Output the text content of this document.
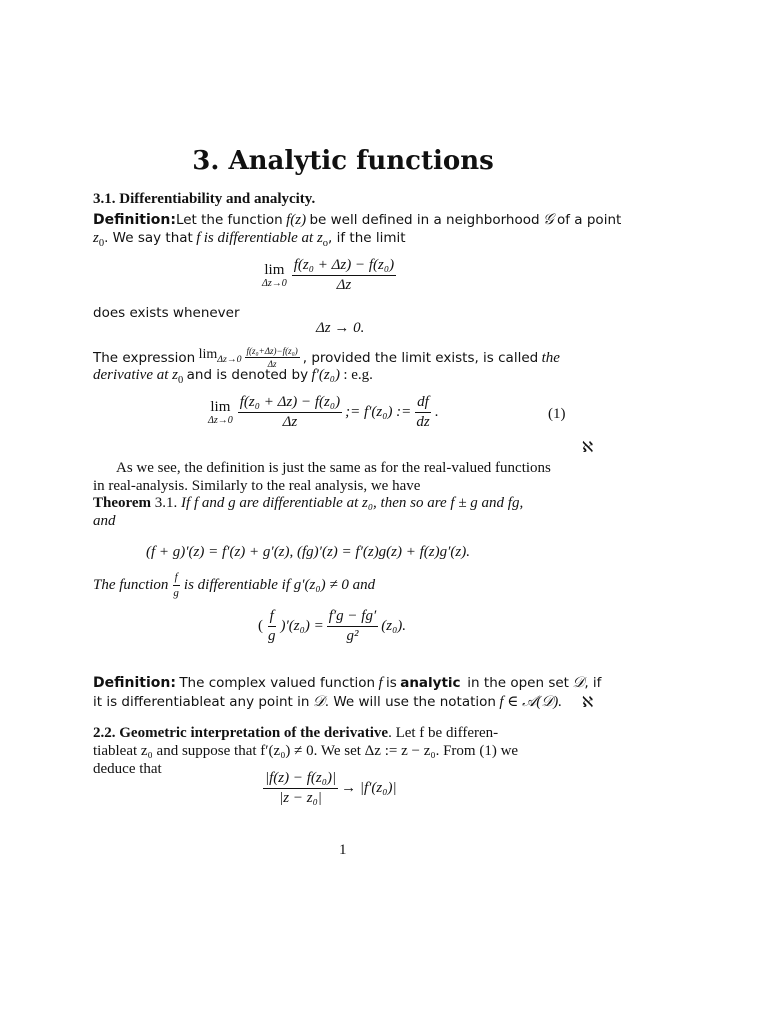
3. Analytic functions
3.1. Differentiability and analycity.
Definition:Let the function f(z) be well defined in a neighborhood 𝒢 of a point
$z_0$. We say that f is differentiable at $z_o$, if the limit
lim
$\Delta z\to 0 \frac{\text{f(z₀ + Δz) − f(z₀)}}{\Delta z}$
does exists whenever
Δz → 0.
The expression
$\lim_{\Delta z\to 0} \frac{\text{f(z₀+Δz)−f(z₀)}}{\Delta z}$ , provided the limit exists, is called
the
derivative at $z_0$ and is denoted by f′(z₀) : e.g.
lim
$\Delta z\to 0 \frac{\text{f(z₀ + Δz) − f(z₀)}}{\Delta z}$ ;= f′(z₀) := $\frac{df}{dz}$ .	(1)
ℵ
As we see, the definition is just the same as for the real-valued functions
in real-analysis. Similarly to the real analysis, we have
Theorem 3.1. If f and g are differentiable at z₀, then so are f ± g and fg,
and
(f + g)′(z) = f′(z) + g′(z), (fg)′(z) = f′(z)g(z) + f(z)g′(z).
The function $\frac{f}{g}$ is differentiable if g′(z₀) ≠ 0 and
( $\frac{f}{g} )'(z_0) = \frac{f'g - fg'}{\text{g²}} (z_0)$.
Definition: The complex valued function f is analytic in the open set 𝒟, if
it is differentiableat any point in 𝒟. We will use the notation f ∈ 𝒜(𝒟). ℵ
2.2. Geometric interpretation of the derivative. Let f be differen-
tiableat z₀ and suppose that f′(z₀) ≠ 0. We set Δz := z − z₀. From (1) we
deduce that
$\frac{\text{|f(z) − f(z₀)|}}{\text{|z − z₀|}} \to |f'(z_0)|$
1
